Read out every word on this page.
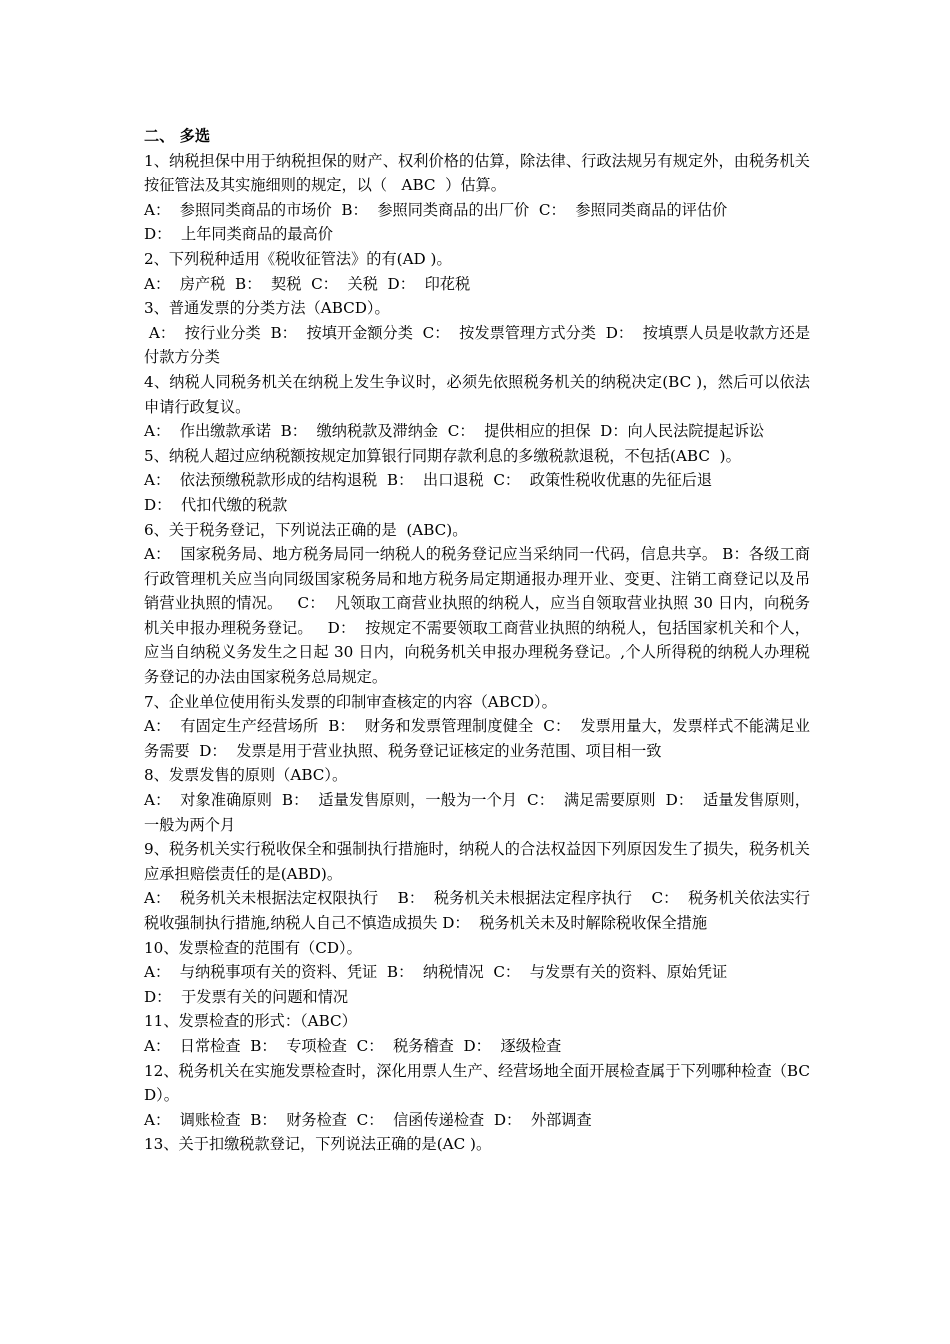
二、 多选

1、纳税担保中用于纳税担保的财产、权利价格的估算，除法律、行政法规另有规定外，由税务机关按征管法及其实施细则的规定，以（   ABC  ）估算。

A：  参照同类商品的市场价  B：  参照同类商品的出厂价  C：  参照同类商品的评估价

D：  上年同类商品的最高价

2、下列税种适用《税收征管法》的有(AD )。

A：  房产税  B：  契税  C：  关税  D：  印花税

3、普通发票的分类方法（ABCD）。

A：  按行业分类  B：  按填开金额分类  C：  按发票管理方式分类  D：  按填票人员是收款方还是付款方分类

4、纳税人同税务机关在纳税上发生争议时，必须先依照税务机关的纳税决定(BC )，然后可以依法申请行政复议。

A：  作出缴款承诺  B：  缴纳税款及滞纳金  C：  提供相应的担保  D：向人民法院提起诉讼

5、纳税人超过应纳税额按规定加算银行同期存款利息的多缴税款退税，不包括(ABC  )。

A：  依法预缴税款形成的结构退税  B：  出口退税  C：  政策性税收优惠的先征后退

D：  代扣代缴的税款

6、关于税务登记，下列说法正确的是  (ABC)。

A：  国家税务局、地方税务局同一纳税人的税务登记应当采纳同一代码，信息共享。 B：各级工商行政管理机关应当向同级国家税务局和地方税务局定期通报办理开业、变更、注销工商登记以及吊销营业执照的情况。   C：  凡领取工商营业执照的纳税人，应当自领取营业执照 30 日内，向税务机关申报办理税务登记。   D：  按规定不需要领取工商营业执照的纳税人，包括国家机关和个人，应当自纳税义务发生之日起 30 日内，向税务机关申报办理税务登记。,个人所得税的纳税人办理税务登记的办法由国家税务总局规定。

7、企业单位使用衔头发票的印制审查核定的内容（ABCD）。

A：  有固定生产经营场所  B：  财务和发票管理制度健全  C：  发票用量大，发票样式不能满足业务需要  D：  发票是用于营业执照、税务登记证核定的业务范围、项目相一致

8、发票发售的原则（ABC）。

A：  对象准确原则  B：  适量发售原则，一般为一个月  C：  满足需要原则  D：  适量发售原则，一般为两个月

9、税务机关实行税收保全和强制执行措施时，纳税人的合法权益因下列原因发生了损失，税务机关应承担赔偿责任的是(ABD)。

A：  税务机关未根据法定权限执行    B：  税务机关未根据法定程序执行    C：  税务机关依法实行税收强制执行措施,纳税人自己不慎造成损失 D：  税务机关未及时解除税收保全措施

10、发票检查的范围有（CD）。

A：  与纳税事项有关的资料、凭证  B：  纳税情况  C：  与发票有关的资料、原始凭证

D：  于发票有关的问题和情况

11、发票检查的形式：（ABC）

A：  日常检查  B：  专项检查  C：  税务稽查  D：  逐级检查

12、税务机关在实施发票检查时，深化用票人生产、经营场地全面开展检查属于下列哪种检查（BCD）。

A：  调账检查  B：  财务检查  C：  信函传递检查  D：  外部调查

13、关于扣缴税款登记，下列说法正确的是(AC )。
